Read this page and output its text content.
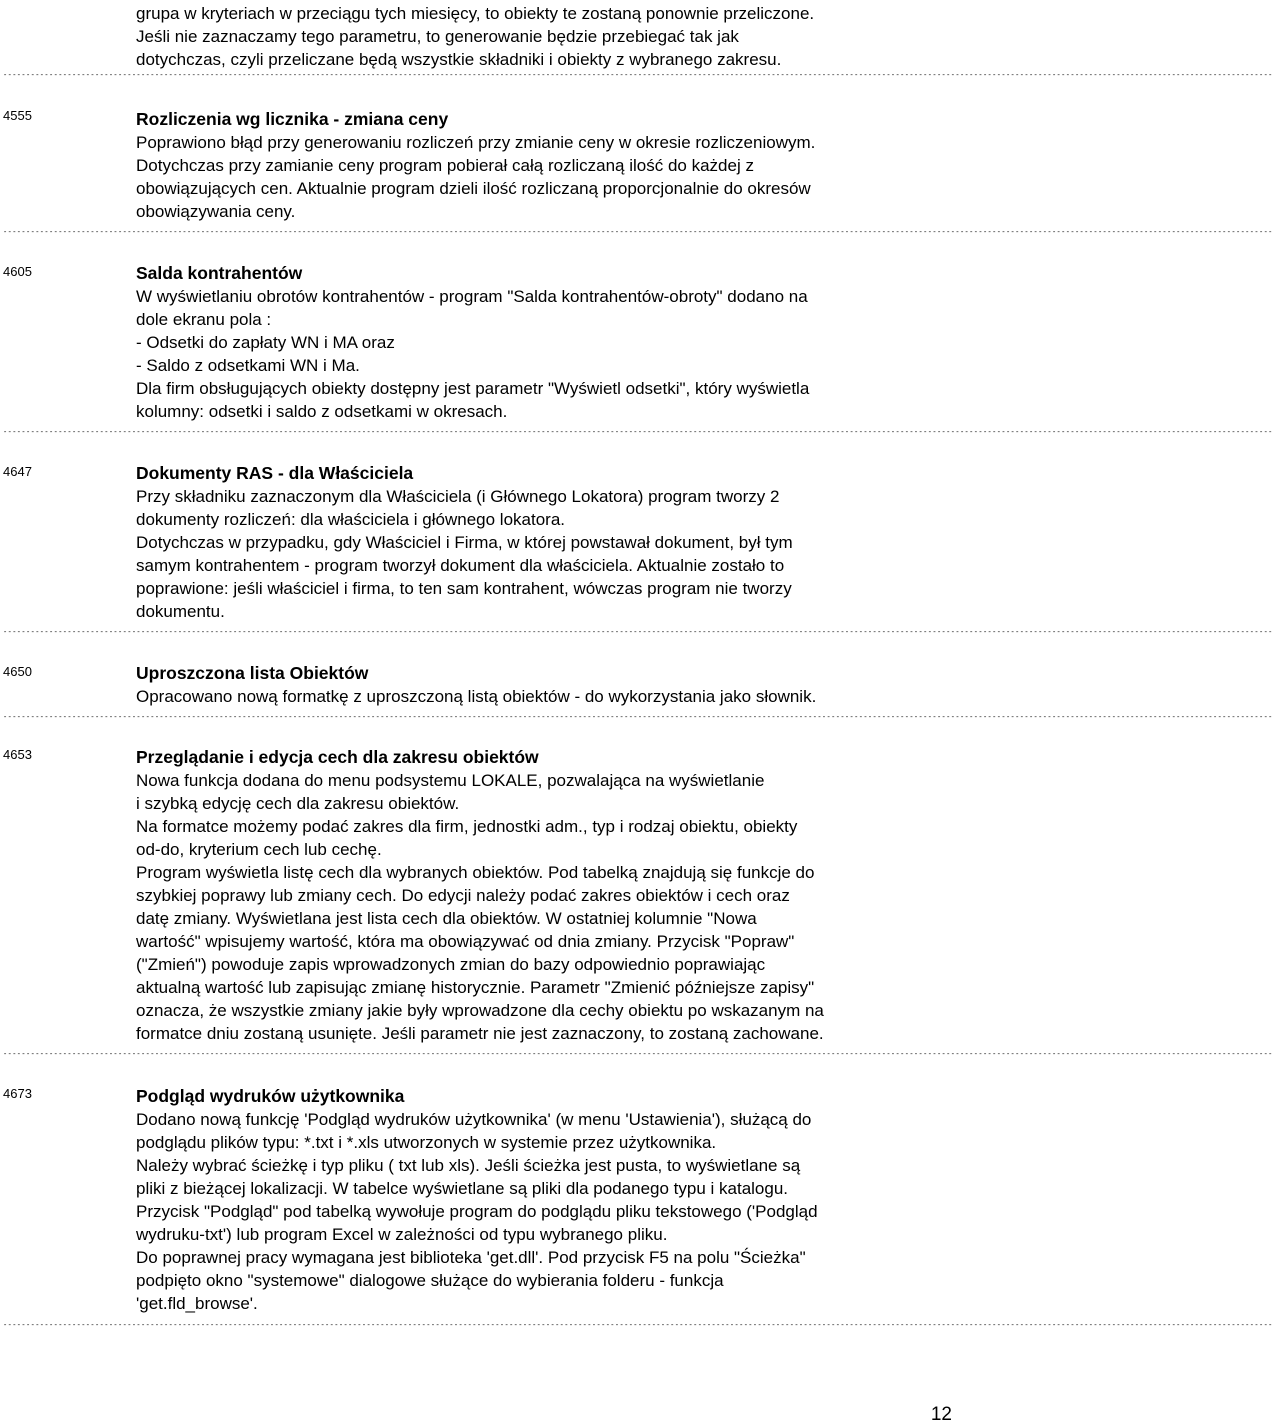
grupa w kryteriach w przeciągu tych miesięcy, to obiekty te zostaną ponownie przeliczone.
Jeśli nie zaznaczamy tego parametru, to generowanie będzie przebiegać tak jak
dotychczas, czyli przeliczane będą wszystkie składniki i obiekty z wybranego zakresu.
------------------------------------------------------------------------------------------------------------------------------------------------------------------------------------------------------------------------------------------------------------------------------------
4555	Rozliczenia wg licznika - zmiana ceny
Poprawiono błąd przy generowaniu rozliczeń przy zmianie ceny w okresie rozliczeniowym.
Dotychczas przy zamianie ceny program pobierał całą rozliczaną ilość do każdej z
obowiązujących cen. Aktualnie program dzieli ilość rozliczaną proporcjonalnie do okresów
obowiązywania ceny.
------------------------------------------------------------------------------------------------------------------------------------------------------------------------------------------------------------------------------------------------------------------------------------
4605	Salda kontrahentów
W wyświetlaniu obrotów kontrahentów - program "Salda kontrahentów-obroty" dodano na
dole ekranu pola :
- Odsetki do zapłaty WN i MA oraz
- Saldo z odsetkami WN i Ma.
Dla firm obsługujących obiekty dostępny jest parametr "Wyświetl odsetki", który wyświetla
kolumny: odsetki i saldo z odsetkami w okresach.
------------------------------------------------------------------------------------------------------------------------------------------------------------------------------------------------------------------------------------------------------------------------------------
4647	Dokumenty RAS - dla Właściciela
Przy składniku zaznaczonym dla Właściciela (i Głównego Lokatora) program tworzy 2
dokumenty rozliczeń: dla właściciela i głównego lokatora.
Dotychczas w przypadku, gdy Właściciel i Firma, w której powstawał dokument, był tym
samym kontrahentem - program tworzył dokument dla właściciela. Aktualnie zostało to
poprawione: jeśli właściciel i firma, to ten sam kontrahent, wówczas program nie tworzy
dokumentu.
------------------------------------------------------------------------------------------------------------------------------------------------------------------------------------------------------------------------------------------------------------------------------------
4650	Uproszczona lista Obiektów
Opracowano nową formatkę z uproszczoną listą obiektów - do wykorzystania jako słownik.
------------------------------------------------------------------------------------------------------------------------------------------------------------------------------------------------------------------------------------------------------------------------------------
4653	Przeglądanie i edycja cech dla zakresu obiektów
Nowa funkcja dodana do menu podsystemu LOKALE, pozwalająca na wyświetlanie
i szybką edycję cech dla zakresu obiektów.
Na formatce możemy podać zakres dla firm, jednostki adm., typ i rodzaj obiektu, obiekty
od-do, kryterium cech lub cechę.
Program wyświetla listę cech dla wybranych obiektów. Pod tabelką znajdują się funkcje do
szybkiej poprawy lub zmiany cech. Do edycji należy podać zakres obiektów i cech oraz
datę zmiany. Wyświetlana jest lista cech dla obiektów. W ostatniej kolumnie "Nowa
wartość" wpisujemy wartość, która ma obowiązywać od dnia zmiany. Przycisk "Popraw"
("Zmień") powoduje zapis wprowadzonych zmian do bazy odpowiednio poprawiając
aktualną wartość lub zapisując zmianę historycznie. Parametr "Zmienić późniejsze zapisy"
oznacza, że wszystkie zmiany jakie były wprowadzone dla cechy obiektu po wskazanym na
formatce dniu zostaną usunięte. Jeśli parametr nie jest zaznaczony, to zostaną zachowane.
------------------------------------------------------------------------------------------------------------------------------------------------------------------------------------------------------------------------------------------------------------------------------------
4673	Podgląd wydruków użytkownika
Dodano nową funkcję 'Podgląd wydruków użytkownika' (w menu 'Ustawienia'), służącą do
podglądu plików typu: *.txt i *.xls utworzonych w systemie przez użytkownika.
Należy wybrać ścieżkę i typ pliku ( txt lub xls). Jeśli ścieżka jest pusta, to wyświetlane są
pliki z bieżącej lokalizacji. W tabelce wyświetlane są pliki dla podanego typu i katalogu.
Przycisk "Podgląd" pod tabelką wywołuje program do podglądu pliku tekstowego ('Podgląd
wydruku-txt') lub program Excel w zależności od typu wybranego pliku.
Do poprawnej pracy wymagana jest biblioteka 'get.dll'. Pod przycisk F5 na polu "Ścieżka"
podpięto okno "systemowe" dialogowe służące do wybierania folderu - funkcja
'get.fld_browse'.
------------------------------------------------------------------------------------------------------------------------------------------------------------------------------------------------------------------------------------------------------------------------------------
12
